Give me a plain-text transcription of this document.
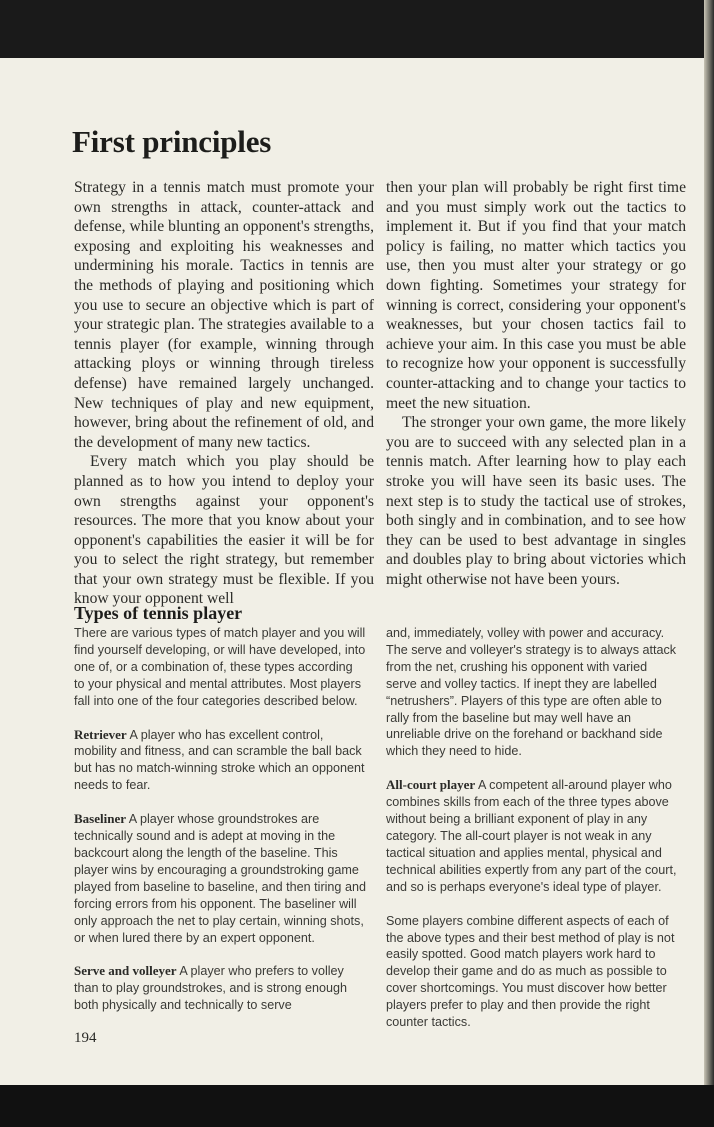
First principles

Strategy in a tennis match must promote your own strengths in attack, counter-attack and defense, while blunting an opponent's strengths, exposing and exploiting his weaknesses and undermining his morale. Tactics in tennis are the methods of playing and positioning which you use to secure an objective which is part of your strategic plan. The strategies available to a tennis player (for example, winning through attacking ploys or winning through tireless defense) have remained largely unchanged. New techniques of play and new equipment, however, bring about the refinement of old, and the development of many new tactics.

Every match which you play should be planned as to how you intend to deploy your own strengths against your opponent's resources. The more that you know about your opponent's capabilities the easier it will be for you to select the right strategy, but remember that your own strategy must be flexible. If you know your opponent well

then your plan will probably be right first time and you must simply work out the tactics to implement it. But if you find that your match policy is failing, no matter which tactics you use, then you must alter your strategy or go down fighting. Sometimes your strategy for winning is correct, considering your opponent's weaknesses, but your chosen tactics fail to achieve your aim. In this case you must be able to recognize how your opponent is successfully counter-attacking and to change your tactics to meet the new situation.

The stronger your own game, the more likely you are to succeed with any selected plan in a tennis match. After learning how to play each stroke you will have seen its basic uses. The next step is to study the tactical use of strokes, both singly and in combination, and to see how they can be used to best advantage in singles and doubles play to bring about victories which might otherwise not have been yours.

Types of tennis player

There are various types of match player and you will find yourself developing, or will have developed, into one of, or a combination of, these types according to your physical and mental attributes. Most players fall into one of the four categories described below.

Retriever A player who has excellent control, mobility and fitness, and can scramble the ball back but has no match-winning stroke which an opponent needs to fear.

Baseliner A player whose groundstrokes are technically sound and is adept at moving in the backcourt along the length of the baseline. This player wins by encouraging a groundstroking game played from baseline to baseline, and then tiring and forcing errors from his opponent. The baseliner will only approach the net to play certain, winning shots, or when lured there by an expert opponent.

Serve and volleyer A player who prefers to volley than to play groundstrokes, and is strong enough both physically and technically to serve

and, immediately, volley with power and accuracy. The serve and volleyer's strategy is to always attack from the net, crushing his opponent with varied serve and volley tactics. If inept they are labelled “netrushers”. Players of this type are often able to rally from the baseline but may well have an unreliable drive on the forehand or backhand side which they need to hide.

All-court player A competent all-around player who combines skills from each of the three types above without being a brilliant exponent of play in any category. The all-court player is not weak in any tactical situation and applies mental, physical and technical abilities expertly from any part of the court, and so is perhaps everyone's ideal type of player.

Some players combine different aspects of each of the above types and their best method of play is not easily spotted. Good match players work hard to develop their game and do as much as possible to cover shortcomings. You must discover how better players prefer to play and then provide the right counter tactics.

194
